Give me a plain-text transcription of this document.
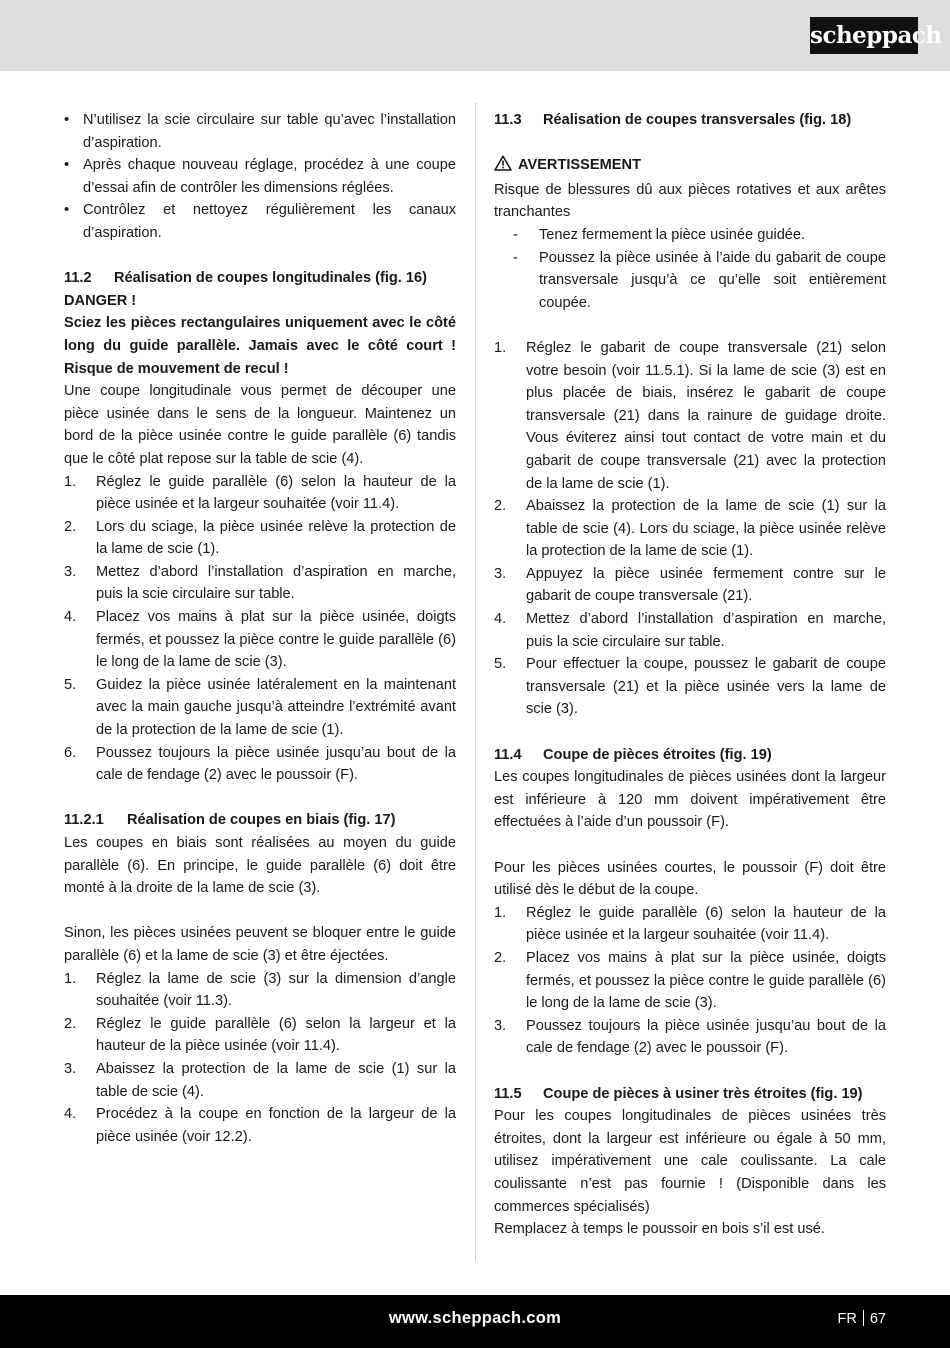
scheppach
• N’utilisez la scie circulaire sur table qu’avec l’installation d’aspiration.
• Après chaque nouveau réglage, procédez à une coupe d’essai afin de contrôler les dimensions réglées.
• Contrôlez et nettoyez régulièrement les canaux d’aspiration.
11.2 Réalisation de coupes longitudinales (fig. 16)

DANGER !

Sciez les pièces rectangulaires uniquement avec le côté long du guide parallèle. Jamais avec le côté court ! Risque de mouvement de recul !

Une coupe longitudinale vous permet de découper une pièce usinée dans le sens de la longueur. Maintenez un bord de la pièce usinée contre le guide parallèle (6) tandis que le côté plat repose sur la table de scie (4).

1. Réglez le guide parallèle (6) selon la hauteur de la pièce usinée et la largeur souhaitée (voir 11.4).
2. Lors du sciage, la pièce usinée relève la protection de la lame de scie (1).
3. Mettez d’abord l’installation d’aspiration en marche, puis la scie circulaire sur table.
4. Placez vos mains à plat sur la pièce usinée, doigts fermés, et poussez la pièce contre le guide parallèle (6) le long de la lame de scie (3).
5. Guidez la pièce usinée latéralement en la maintenant avec la main gauche jusqu’à atteindre l’extrémité avant de la protection de la lame de scie (1).
6. Poussez toujours la pièce usinée jusqu’au bout de la cale de fendage (2) avec le poussoir (F).
11.2.1 Réalisation de coupes en biais (fig. 17)

Les coupes en biais sont réalisées au moyen du guide parallèle (6). En principe, le guide parallèle (6) doit être monté à la droite de la lame de scie (3).

Sinon, les pièces usinées peuvent se bloquer entre le guide parallèle (6) et la lame de scie (3) et être éjectées.

1. Réglez la lame de scie (3) sur la dimension d’angle souhaitée (voir 11.3).
2. Réglez le guide parallèle (6) selon la largeur et la hauteur de la pièce usinée (voir 11.4).
3. Abaissez la protection de la lame de scie (1) sur la table de scie (4).
4. Procédez à la coupe en fonction de la largeur de la pièce usinée (voir 12.2).
11.3 Réalisation de coupes transversales (fig. 18)
AVERTISSEMENT

Risque de blessures dû aux pièces rotatives et aux arêtes tranchantes

- Tenez fermement la pièce usinée guidée.
- Poussez la pièce usinée à l’aide du gabarit de coupe transversale jusqu’à ce qu’elle soit entièrement coupée.
1. Réglez le gabarit de coupe transversale (21) selon votre besoin (voir 11.5.1). Si la lame de scie (3) est en plus placée de biais, insérez le gabarit de coupe transversale (21) dans la rainure de guidage droite. Vous éviterez ainsi tout contact de votre main et du gabarit de coupe transversale (21) avec la protection de la lame de scie (1).
2. Abaissez la protection de la lame de scie (1) sur la table de scie (4). Lors du sciage, la pièce usinée relève la protection de la lame de scie (1).
3. Appuyez la pièce usinée fermement contre sur le gabarit de coupe transversale (21).
4. Mettez d’abord l’installation d’aspiration en marche, puis la scie circulaire sur table.
5. Pour effectuer la coupe, poussez le gabarit de coupe transversale (21) et la pièce usinée vers la lame de scie (3).
11.4 Coupe de pièces étroites (fig. 19)

Les coupes longitudinales de pièces usinées dont la largeur est inférieure à 120 mm doivent impérativement être effectuées à l’aide d’un poussoir (F).

Pour les pièces usinées courtes, le poussoir (F) doit être utilisé dès le début de la coupe.

1. Réglez le guide parallèle (6) selon la hauteur de la pièce usinée et la largeur souhaitée (voir 11.4).
2. Placez vos mains à plat sur la pièce usinée, doigts fermés, et poussez la pièce contre le guide parallèle (6) le long de la lame de scie (3).
3. Poussez toujours la pièce usinée jusqu’au bout de la cale de fendage (2) avec le poussoir (F).
11.5 Coupe de pièces à usiner très étroites (fig. 19)

Pour les coupes longitudinales de pièces usinées très étroites, dont la largeur est inférieure ou égale à 50 mm, utilisez impérativement une cale coulissante. La cale coulissante n’est pas fournie ! (Disponible dans les commerces spécialisés)

Remplacez à temps le poussoir en bois s’il est usé.

www.scheppach.com	FR 67
